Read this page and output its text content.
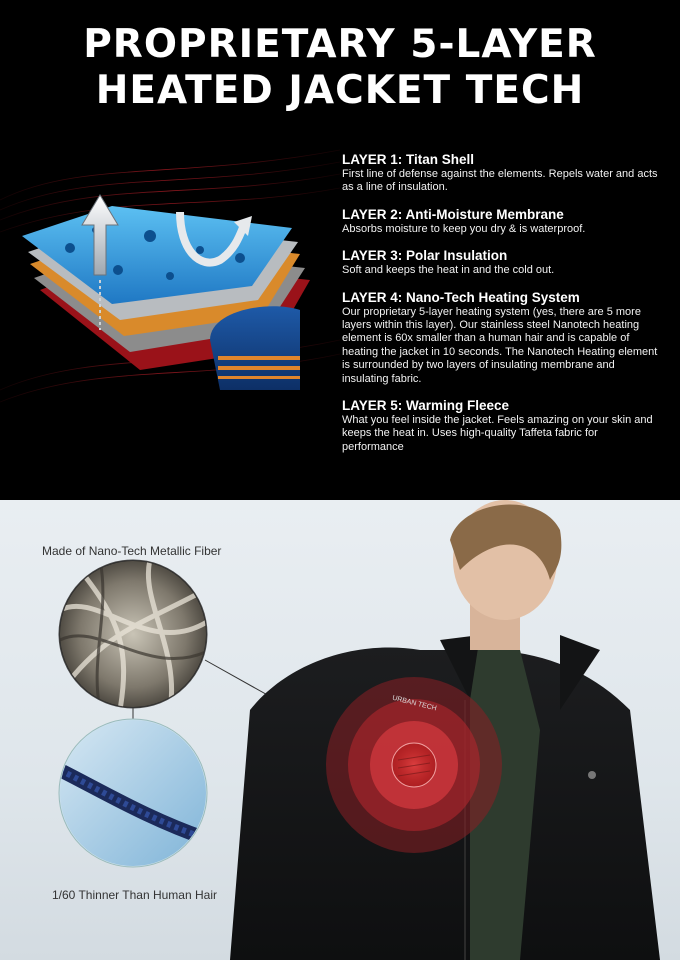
PROPRIETARY 5-LAYER
HEATED JACKET TECH
LAYER 1: Titan Shell

First line of defense against the elements. Repels water and acts as a line of insulation.

LAYER 2: Anti-Moisture Membrane

Absorbs moisture to keep you dry & is waterproof.

LAYER 3: Polar Insulation

Soft and keeps the heat in and the cold out.

LAYER 4: Nano-Tech Heating System

Our proprietary 5-layer heating system (yes, there are 5 more layers within this layer). Our stainless steel Nanotech heating element is 60x smaller than a human hair and is capable of heating the jacket in 10 seconds. The Nanotech Heating element is surrounded by two layers of insulating membrane and insulating fabric.

LAYER 5: Warming Fleece

What you feel inside the jacket. Feels amazing on your skin and keeps the heat in. Uses high-quality Taffeta fabric for performance

Made of Nano-Tech Metallic Fiber
1/60 Thinner Than Human Hair
URBAN TECH
